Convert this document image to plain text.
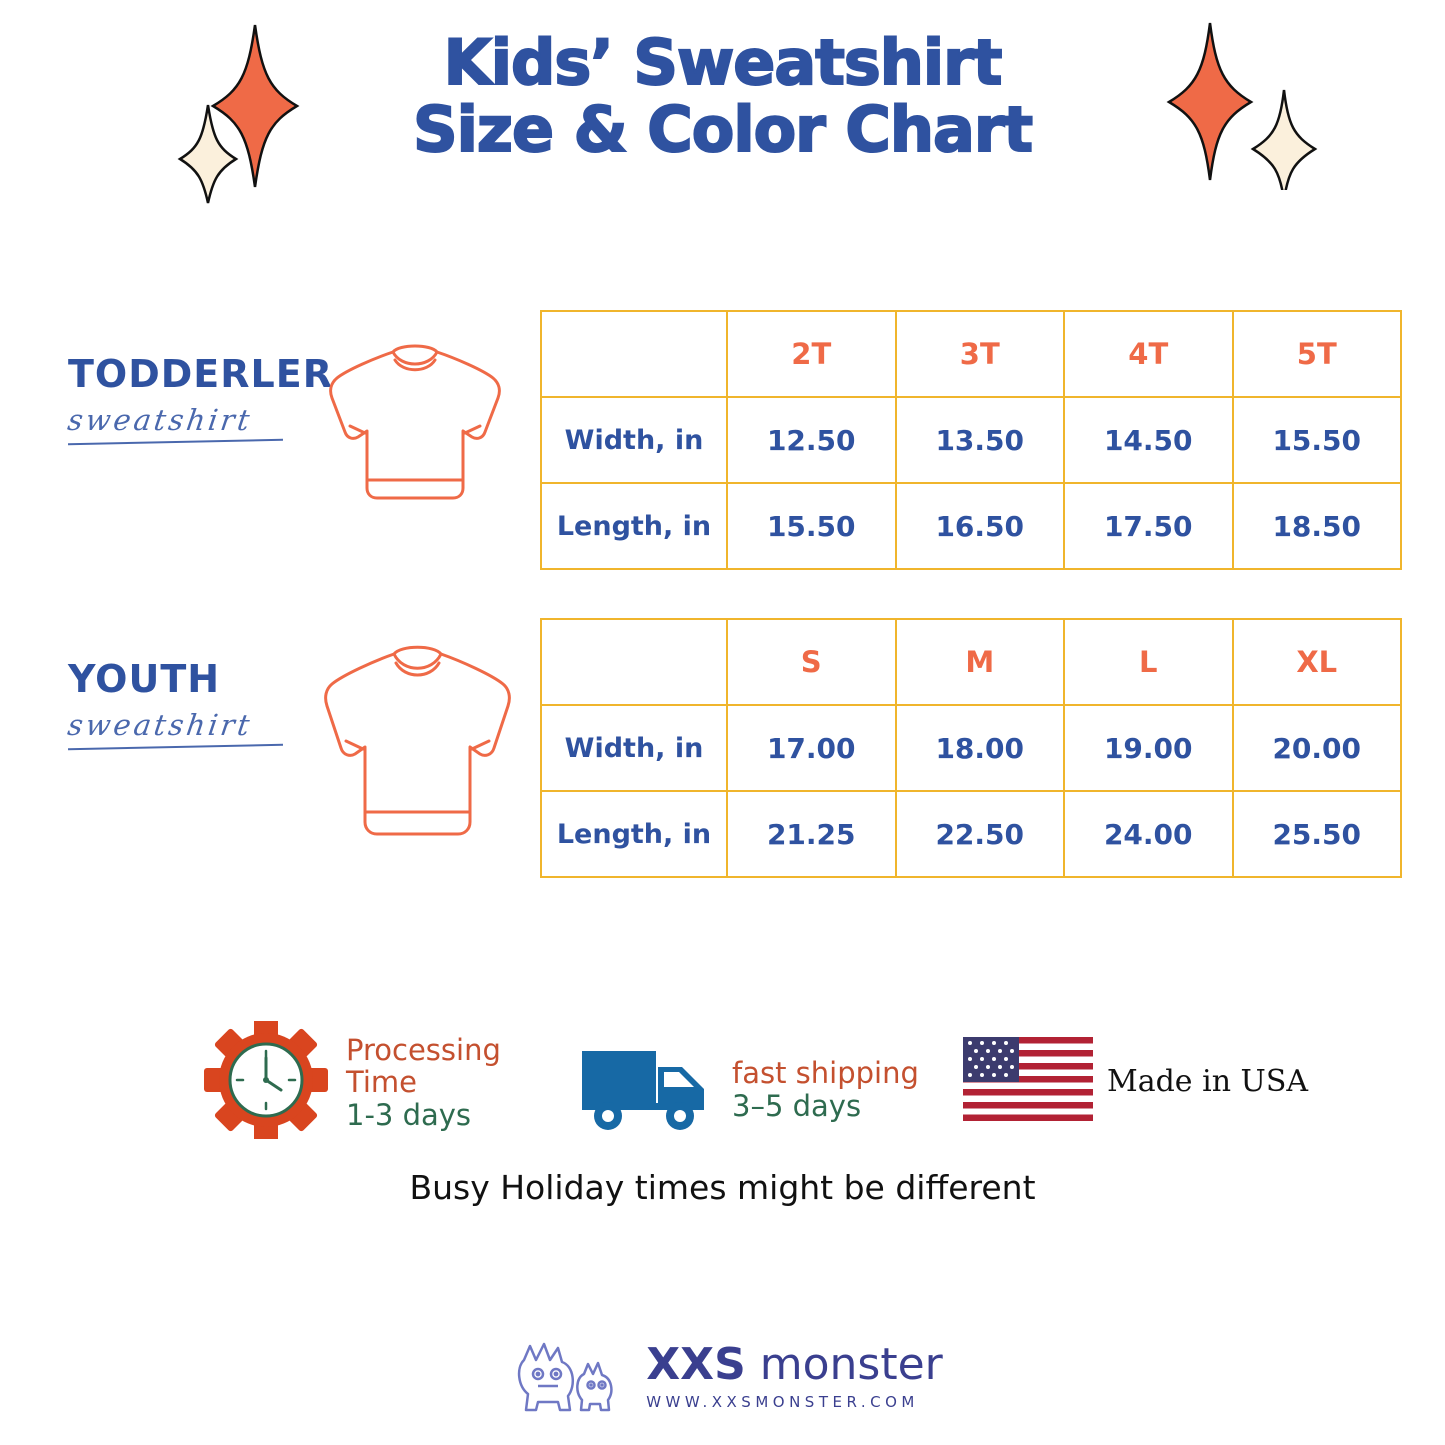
Kids’ Sweatshirt
Size & Color Chart
TODDERLER
sweatshirt
	2T	3T	4T	5T
Width, in	12.50	13.50	14.50	15.50
Length, in	15.50	16.50	17.50	18.50
YOUTH
sweatshirt
	S	M	L	XL
Width, in	17.00	18.00	19.00	20.00
Length, in	21.25	22.50	24.00	25.50
Processing
Time
1-3 days
fast shipping
3–5 days
Made in USA
Busy Holiday times might be different
XXS monster
WWW.XXSMONSTER.COM
